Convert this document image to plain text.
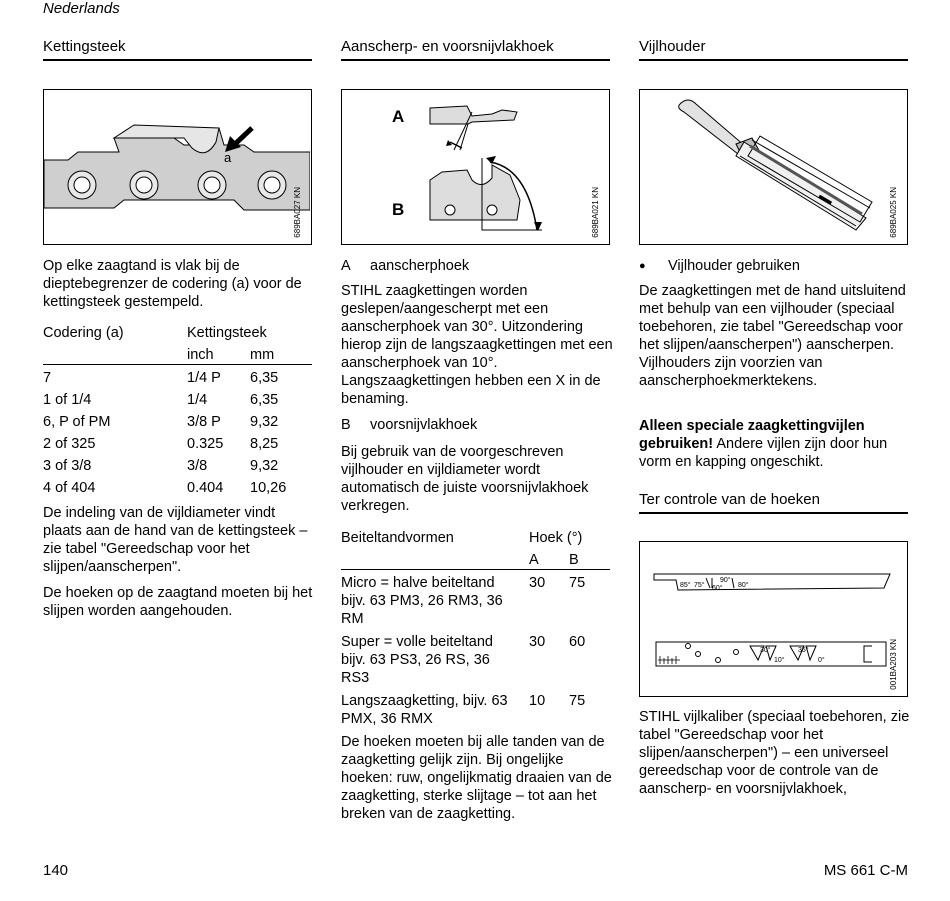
Nederlands
Kettingsteek
a
689BA027 KN
Op elke zaagtand is vlak bij de dieptebegrenzer de codering (a) voor de kettingsteek gestempeld.
Codering (a)	Kettingsteek	
	inch	mm
7	1/4 P	6,35
1 of 1/4	1/4	6,35
6, P of PM	3/8 P	9,32
2 of 325	0.325	8,25
3 of 3/8	3/8	9,32
4 of 404	0.404	10,26
De indeling van de vijldiameter vindt plaats aan de hand van de kettingsteek – zie tabel "Gereedschap voor het slijpen/aanscherpen".
De hoeken op de zaagtand moeten bij het slijpen worden aangehouden.
Aanscherp- en voorsnijvlakhoek
A
B	689BA021 KN
A aanscherphoek
STIHL zaagkettingen worden geslepen/aangescherpt met een aanscherphoek van 30°. Uitzondering hierop zijn de langszaagkettingen met een aanscherphoek van 10°. Langszaagkettingen hebben een X in de benaming.
B voorsnijvlakhoek
Bij gebruik van de voorgeschreven vijlhouder en vijldiameter wordt automatisch de juiste voorsnijvlakhoek verkregen.
Beiteltandvormen	Hoek (°)	
	A	B
Micro = halve beiteltand bijv. 63 PM3, 26 RM3, 36 RM	30	75
Super = volle beiteltand bijv. 63 PS3, 26 RS, 36 RS3	30	60
Langszaagketting, bijv. 63 PMX, 36 RMX	10	75
De hoeken moeten bij alle tanden van de zaagketting gelijk zijn. Bij ongelijke hoeken: ruw, ongelijkmatig draaien van de zaagketting, sterke slijtage – tot aan het breken van de zaagketting.
Vijlhouder
689BA025 KN
● Vijlhouder gebruiken
De zaagkettingen met de hand uitsluitend met behulp van een vijlhouder (speciaal toebehoren, zie tabel "Gereedschap voor het slijpen/aanscherpen") aanscherpen. Vijlhouders zijn voorzien van aanscherphoekmerktekens.
Alleen speciale zaagkettingvijlen gebruiken! Andere vijlen zijn door hun vorm en kapping ongeschikt.
Ter controle van de hoeken
85° 75° 60°
90°
80°
30°
10°
35°
0°	001BA203 KN
STIHL vijlkaliber (speciaal toebehoren, zie tabel "Gereedschap voor het slijpen/aanscherpen") – een universeel gereedschap voor de controle van de aanscherp- en voorsnijvlakhoek,
140	MS 661 C-M
